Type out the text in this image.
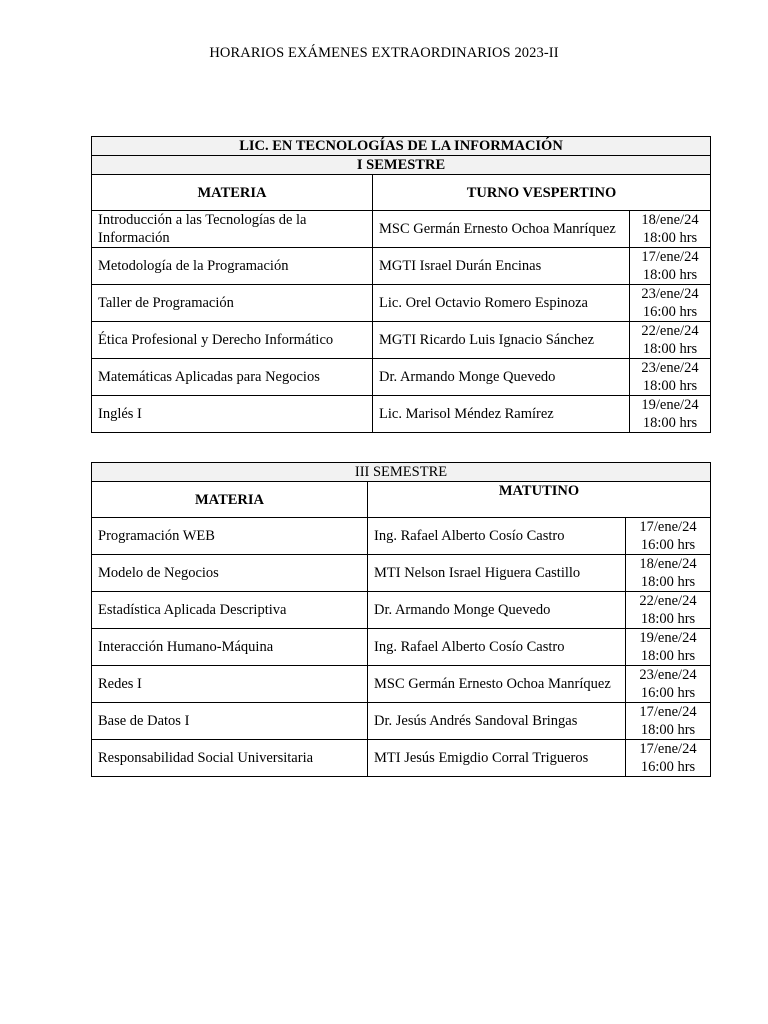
HORARIOS EXÁMENES EXTRAORDINARIOS 2023-II
LIC. EN TECNOLOGÍAS DE LA INFORMACIÓN		
I SEMESTRE		
MATERIA	TURNO VESPERTINO	
Introducción a las Tecnologías de la Información	MSC Germán Ernesto Ochoa Manríquez	18/ene/24
18:00 hrs

Metodología de la Programación	MGTI Israel Durán Encinas	17/ene/24
18:00 hrs

Taller de Programación	Lic. Orel Octavio Romero Espinoza	23/ene/24
16:00 hrs

Ética Profesional y Derecho Informático	MGTI Ricardo Luis Ignacio Sánchez	22/ene/24
18:00 hrs

Matemáticas Aplicadas para Negocios	Dr. Armando Monge Quevedo	23/ene/24
18:00 hrs

Inglés I	Lic. Marisol Méndez Ramírez	19/ene/24
18:00 hrs
III SEMESTRE		
MATERIA	MATUTINO	
Programación WEB	Ing. Rafael Alberto Cosío Castro	17/ene/24
16:00 hrs

Modelo de Negocios	MTI Nelson Israel Higuera Castillo	18/ene/24
18:00 hrs

Estadística Aplicada Descriptiva	Dr. Armando Monge Quevedo	22/ene/24
18:00 hrs

Interacción Humano-Máquina	Ing. Rafael Alberto Cosío Castro	19/ene/24
18:00 hrs

Redes I	MSC Germán Ernesto Ochoa Manríquez	23/ene/24
16:00 hrs

Base de Datos I	Dr. Jesús Andrés Sandoval Bringas	17/ene/24
18:00 hrs

Responsabilidad Social Universitaria	MTI Jesús Emigdio Corral Trigueros	17/ene/24
16:00 hrs
